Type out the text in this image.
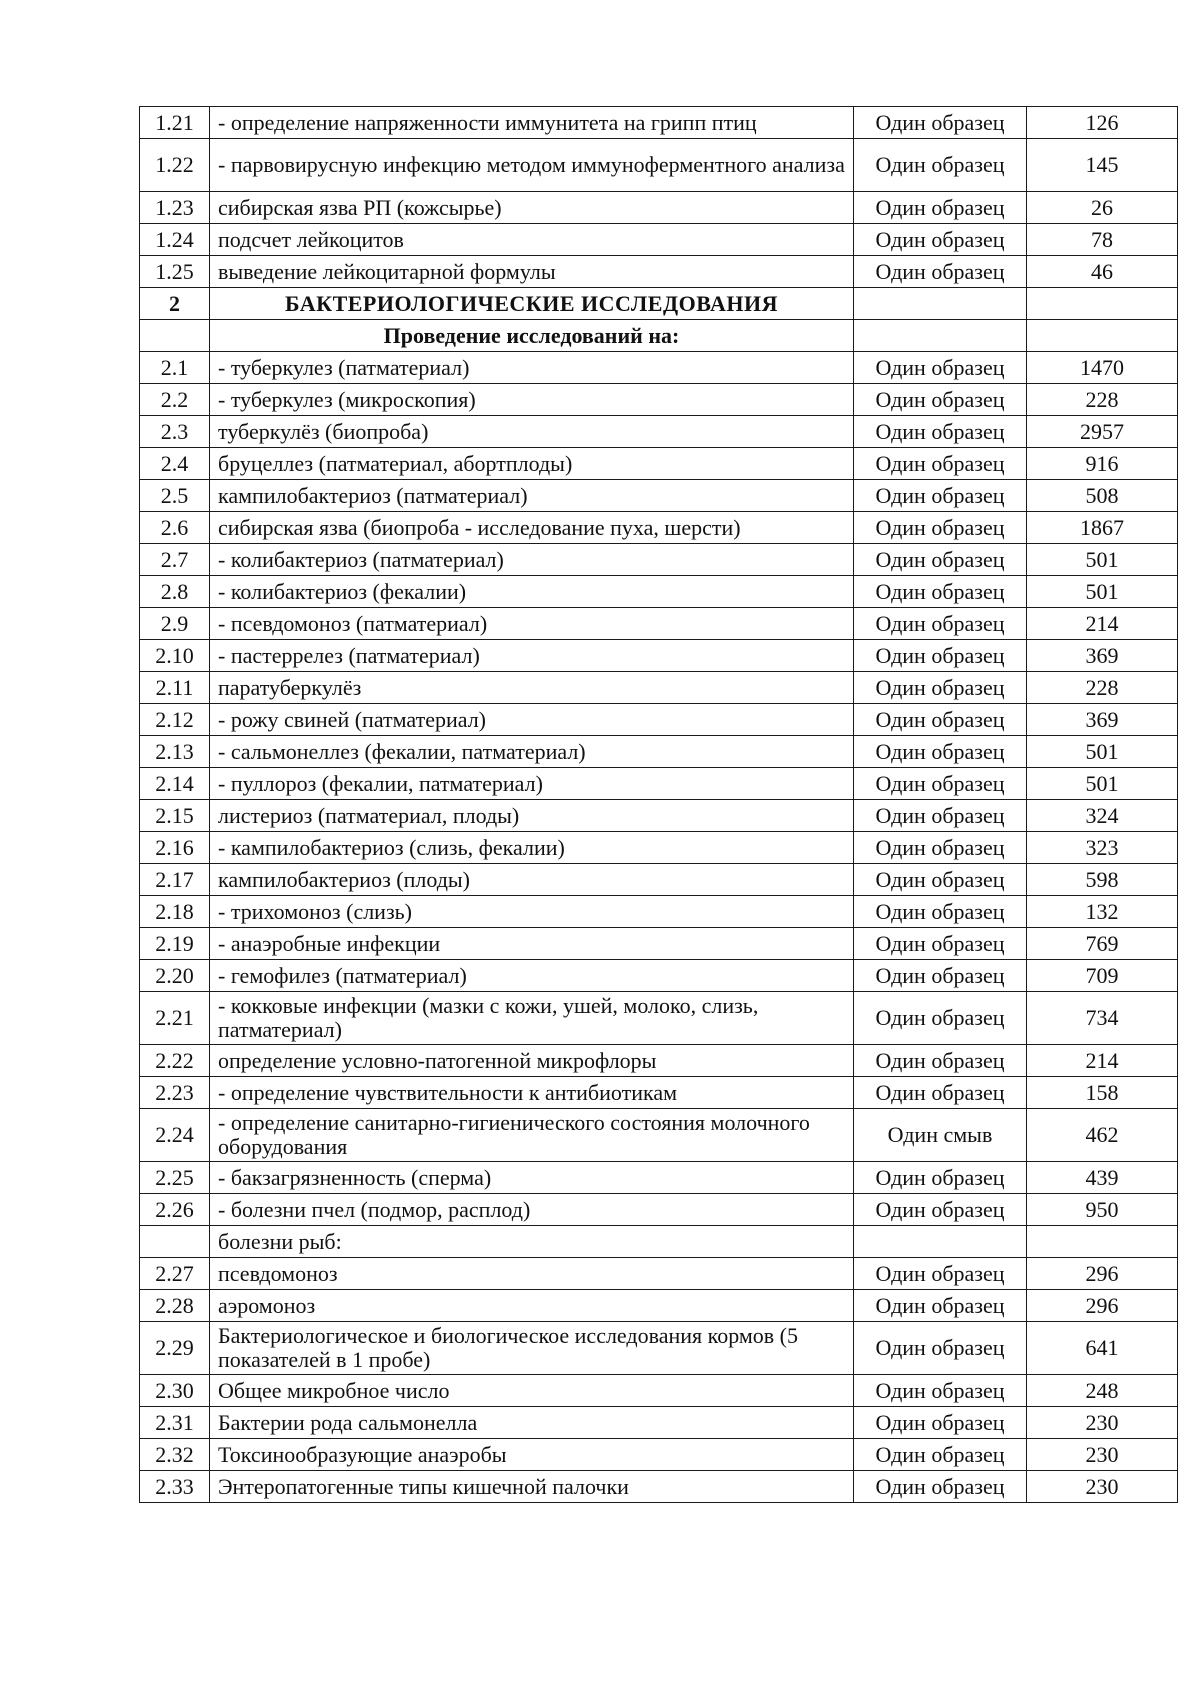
1.21	- определение напряженности иммунитета на грипп птиц	Один образец	126
1.22	- парвовирусную инфекцию методом иммуноферментного анализа	Один образец	145
1.23	сибирская язва РП (кожсырье)	Один образец	26
1.24	подсчет лейкоцитов	Один образец	78
1.25	выведение лейкоцитарной формулы	Один образец	46
2	БАКТЕРИОЛОГИЧЕСКИЕ ИССЛЕДОВАНИЯ		
	Проведение исследований на:		
2.1	- туберкулез (патматериал)	Один образец	1470
2.2	- туберкулез (микроскопия)	Один образец	228
2.3	туберкулёз (биопроба)	Один образец	2957
2.4	бруцеллез (патматериал, абортплоды)	Один образец	916
2.5	кампилобактериоз (патматериал)	Один образец	508
2.6	сибирская язва (биопроба - исследование пуха, шерсти)	Один образец	1867
2.7	- колибактериоз (патматериал)	Один образец	501
2.8	- колибактериоз (фекалии)	Один образец	501
2.9	- псевдомоноз (патматериал)	Один образец	214
2.10	- пастеррелез (патматериал)	Один образец	369
2.11	паратуберкулёз	Один образец	228
2.12	- рожу свиней (патматериал)	Один образец	369
2.13	- сальмонеллез (фекалии, патматериал)	Один образец	501
2.14	- пуллороз (фекалии, патматериал)	Один образец	501
2.15	листериоз (патматериал, плоды)	Один образец	324
2.16	- кампилобактериоз (слизь, фекалии)	Один образец	323
2.17	кампилобактериоз (плоды)	Один образец	598
2.18	- трихомоноз (слизь)	Один образец	132
2.19	- анаэробные инфекции	Один образец	769
2.20	- гемофилез (патматериал)	Один образец	709
2.21	- кокковые инфекции (мазки с кожи, ушей, молоко, слизь, патматериал)	Один образец	734
2.22	определение условно-патогенной микрофлоры	Один образец	214
2.23	- определение чувствительности к антибиотикам	Один образец	158
2.24	- определение санитарно-гигиенического состояния молочного оборудования	Один смыв	462
2.25	- бакзагрязненность (сперма)	Один образец	439
2.26	- болезни пчел (подмор, расплод)	Один образец	950
	болезни рыб:		
2.27	псевдомоноз	Один образец	296
2.28	аэромоноз	Один образец	296
2.29	Бактериологическое и биологическое исследования кормов (5 показателей в 1 пробе)	Один образец	641
2.30	Общее микробное число	Один образец	248
2.31	Бактерии рода сальмонелла	Один образец	230
2.32	Токсинообразующие анаэробы	Один образец	230
2.33	Энтеропатогенные типы кишечной палочки	Один образец	230
